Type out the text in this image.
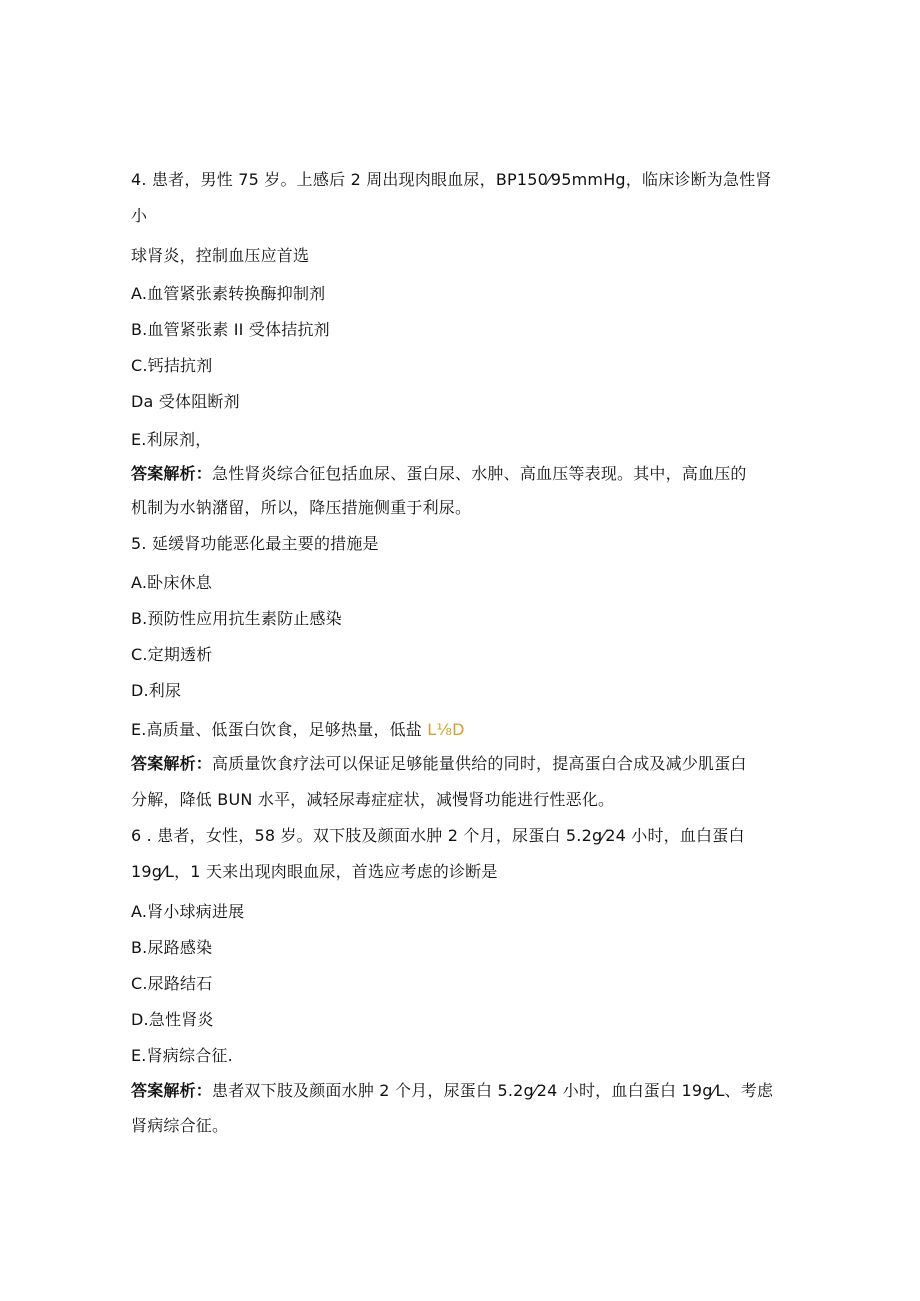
4. 患者，男性 75 岁。上感后 2 周出现肉眼血尿，BP150⁄95mmHg，临床诊断为急性肾
小
球肾炎，控制血压应首选
A.血管紧张素转换酶抑制剂
B.血管紧张素 II 受体拮抗剂
C.钙拮抗剂
Da 受体阻断剂
E.利尿剂，
答案解析：急性肾炎综合征包括血尿、蛋白尿、水肿、高血压等表现。其中，高血压的
机制为水钠潴留，所以，降压措施侧重于利尿。
5. 延缓肾功能恶化最主要的措施是
A.卧床休息
B.预防性应用抗生素防止感染
C.定期透析
D.利尿
E.高质量、低蛋白饮食，足够热量，低盐 L⅛D
答案解析：高质量饮食疗法可以保证足够能量供给的同时，提高蛋白合成及减少肌蛋白
分解，降低 BUN 水平，减轻尿毒症症状，减慢肾功能进行性恶化。
6 . 患者，女性，58 岁。双下肢及颜面水肿 2 个月，尿蛋白 5.2g⁄24 小时，血白蛋白
19g⁄L，1 天来出现肉眼血尿，首选应考虑的诊断是
A.肾小球病进展
B.尿路感染
C.尿路结石
D.急性肾炎
E.肾病综合征.
答案解析：患者双下肢及颜面水肿 2 个月，尿蛋白 5.2g⁄24 小时，血白蛋白 19g⁄L、考虑
肾病综合征。
